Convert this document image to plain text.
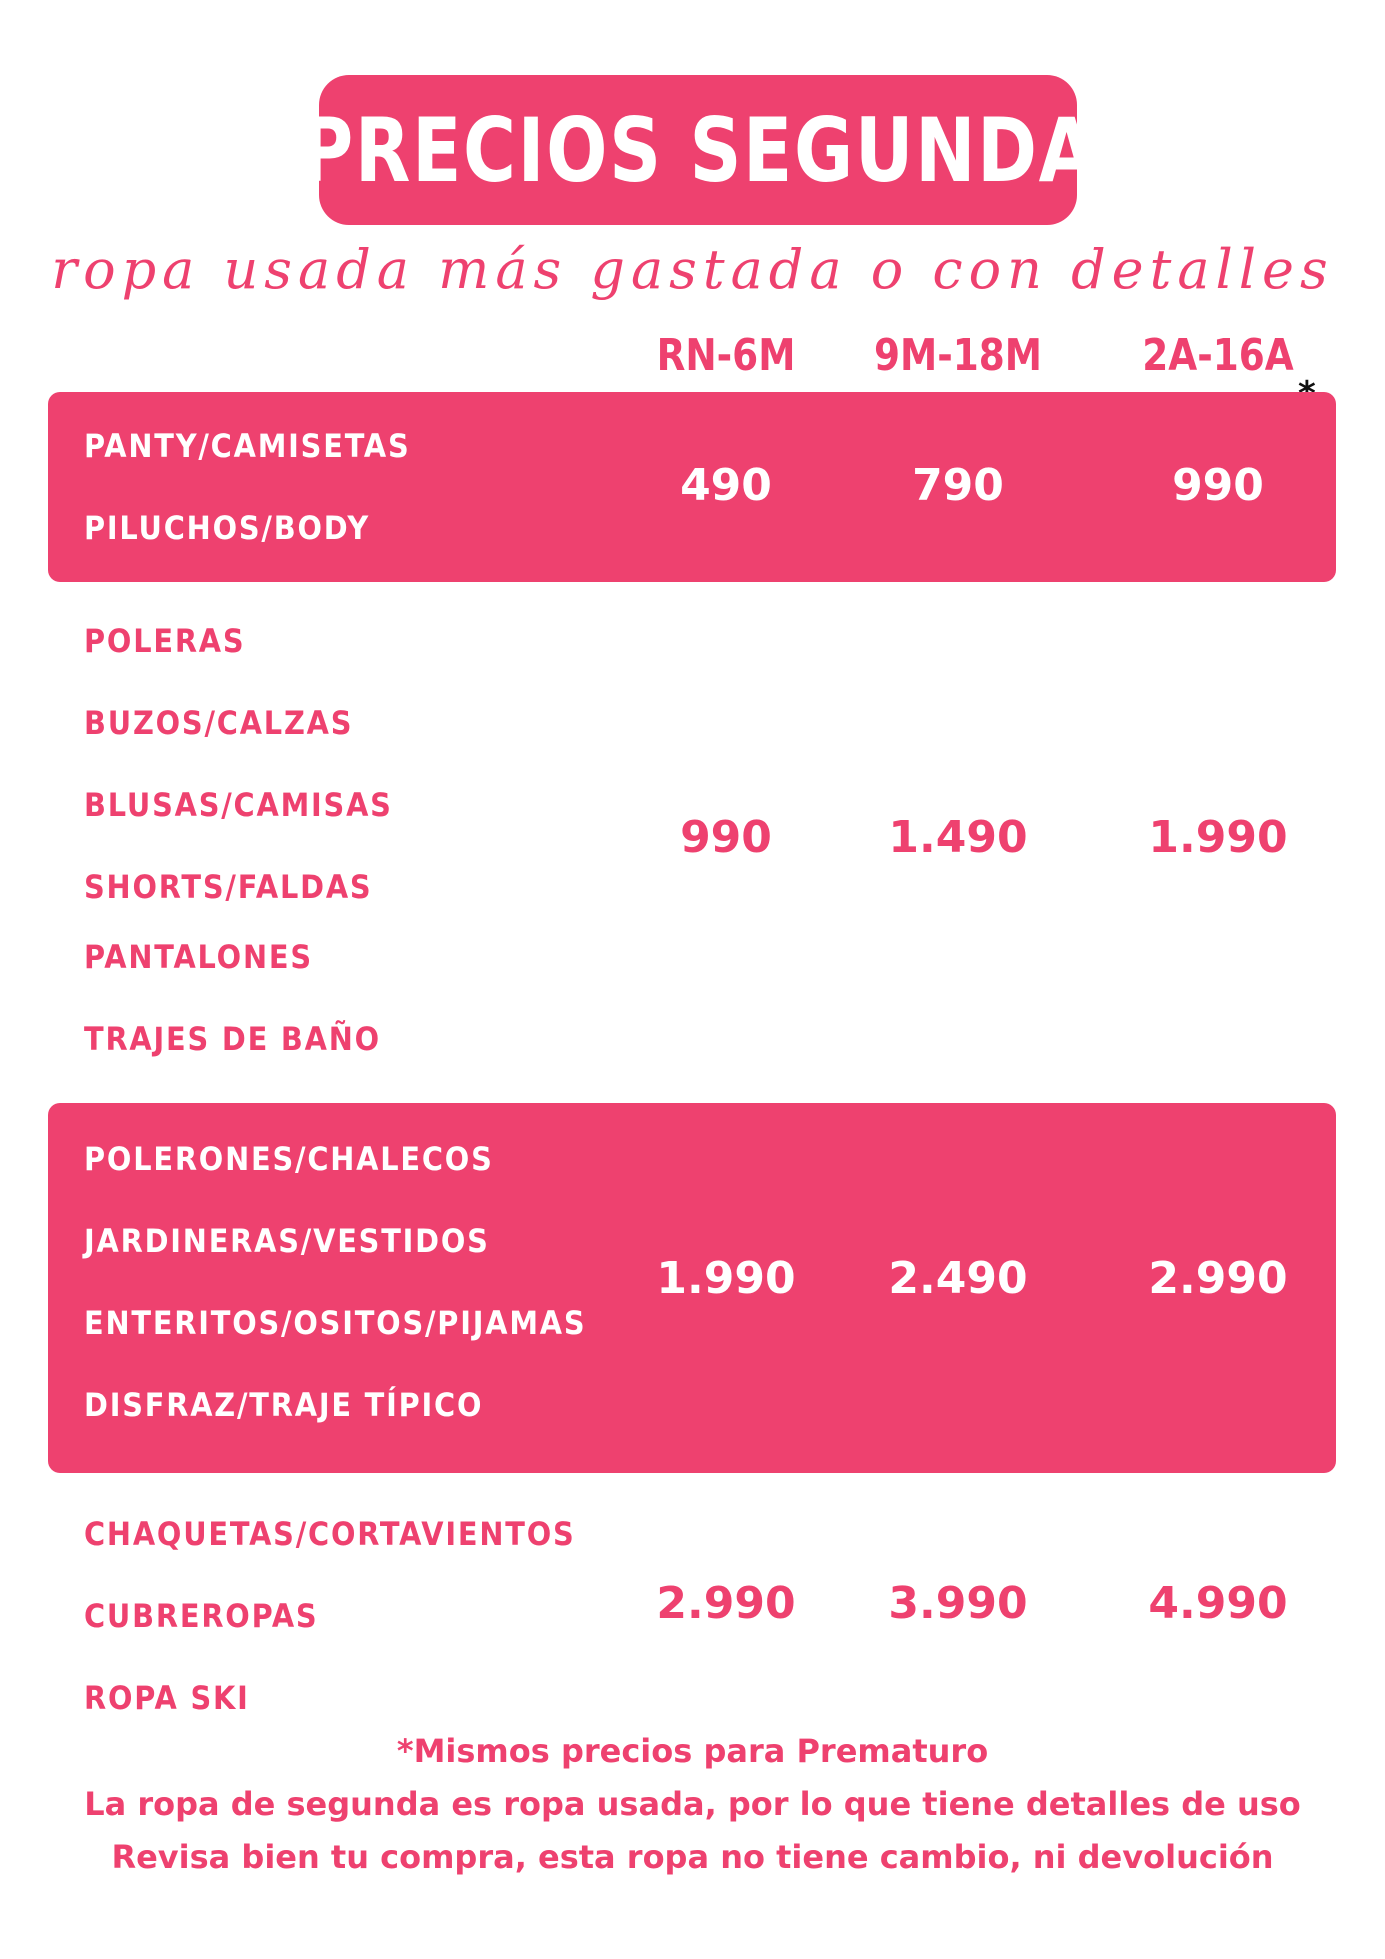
PRECIOS SEGUNDA
ropa usada más gastada o con detalles
RN-6M	9M-18M	2A-16A
PANTY/CAMISETAS
PILUCHOS/BODY
490	790	990
POLERAS
BUZOS/CALZAS
BLUSAS/CAMISAS
SHORTS/FALDAS
PANTALONES
TRAJES DE BAÑO
990	1.490	1.990
POLERONES/CHALECOS
JARDINERAS/VESTIDOS
ENTERITOS/OSITOS/PIJAMAS
DISFRAZ/TRAJE TÍPICO
1.990	2.490	2.990
CHAQUETAS/CORTAVIENTOS
CUBREROPAS
ROPA SKI
2.990	3.990	4.990
*Mismos precios para Prematuro
La ropa de segunda es ropa usada, por lo que tiene detalles de uso
Revisa bien tu compra, esta ropa no tiene cambio, ni devolución
